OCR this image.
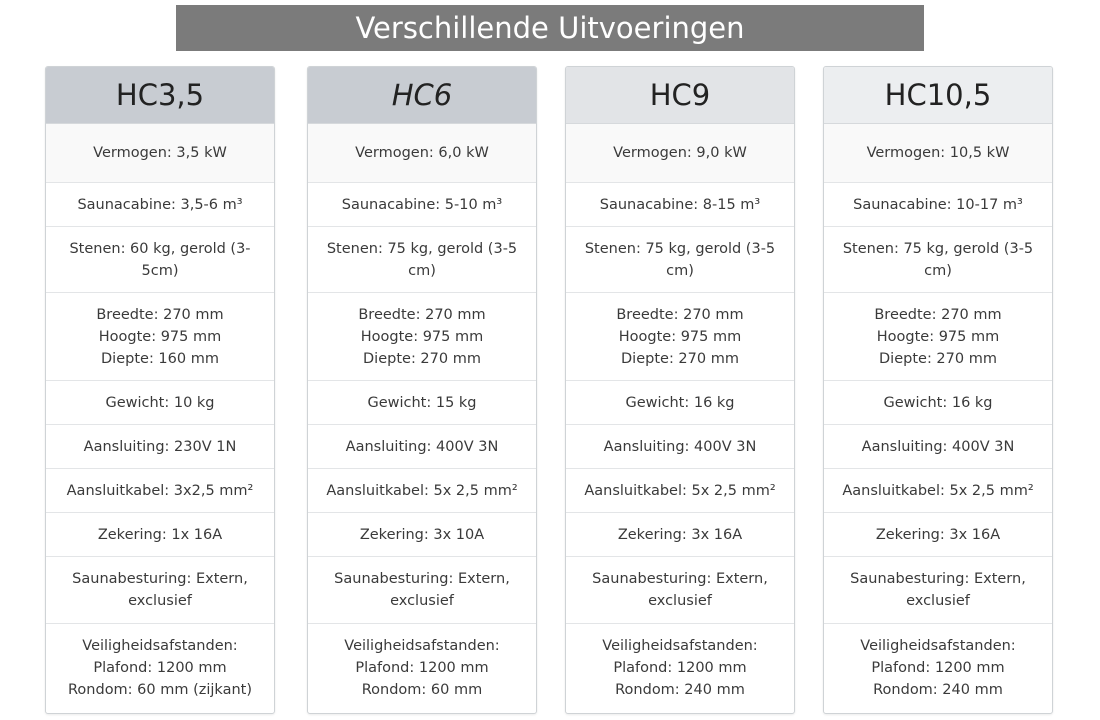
Verschillende Uitvoeringen
HC3,5
Vermogen: 3,5 kW
Saunacabine: 3,5-6 m³
Stenen: 60 kg, gerold (3-5cm)
Breedte: 270 mm
Hoogte: 975 mm
Diepte: 160 mm
Gewicht: 10 kg
Aansluiting: 230V 1N
Aansluitkabel: 3x2,5 mm²
Zekering: 1x 16A
Saunabesturing: Extern, exclusief
Veiligheidsafstanden:
Plafond: 1200 mm
Rondom: 60 mm (zijkant)
HC6
Vermogen: 6,0 kW
Saunacabine: 5-10 m³
Stenen: 75 kg, gerold (3-5 cm)
Breedte: 270 mm
Hoogte: 975 mm
Diepte: 270 mm
Gewicht: 15 kg
Aansluiting: 400V 3N
Aansluitkabel: 5x 2,5 mm²
Zekering: 3x 10A
Saunabesturing: Extern, exclusief
Veiligheidsafstanden:
Plafond: 1200 mm
Rondom: 60 mm
HC9
Vermogen: 9,0 kW
Saunacabine: 8-15 m³
Stenen: 75 kg, gerold (3-5 cm)
Breedte: 270 mm
Hoogte: 975 mm
Diepte: 270 mm
Gewicht: 16 kg
Aansluiting: 400V 3N
Aansluitkabel: 5x 2,5 mm²
Zekering: 3x 16A
Saunabesturing: Extern, exclusief
Veiligheidsafstanden:
Plafond: 1200 mm
Rondom: 240 mm
HC10,5
Vermogen: 10,5 kW
Saunacabine: 10-17 m³
Stenen: 75 kg, gerold (3-5 cm)
Breedte: 270 mm
Hoogte: 975 mm
Diepte: 270 mm
Gewicht: 16 kg
Aansluiting: 400V 3N
Aansluitkabel: 5x 2,5 mm²
Zekering: 3x 16A
Saunabesturing: Extern, exclusief
Veiligheidsafstanden:
Plafond: 1200 mm
Rondom: 240 mm
